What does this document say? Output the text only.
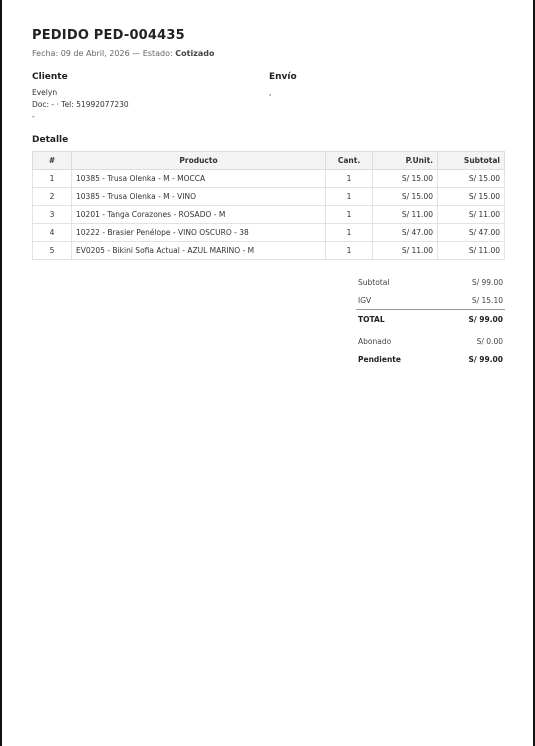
PEDIDO PED-004435
Fecha: 09 de Abril, 2026 — Estado: Cotizado
Cliente
Evelyn
Doc: - · Tel: 51992077230
-
Envío
,
Detalle
#	Producto	Cant.	P.Unit.	Subtotal
1	10385 - Trusa Olenka - M - MOCCA	1	S/ 15.00	S/ 15.00
2	10385 - Trusa Olenka - M - VINO	1	S/ 15.00	S/ 15.00
3	10201 - Tanga Corazones - ROSADO - M	1	S/ 11.00	S/ 11.00
4	10222 - Brasier Penélope - VINO OSCURO - 38	1	S/ 47.00	S/ 47.00
5	EV0205 - Bikini Sofia Actual - AZUL MARINO - M	1	S/ 11.00	S/ 11.00
Subtotal	S/ 99.00
IGV	S/ 15.10
TOTAL	S/ 99.00
Abonado	S/ 0.00
Pendiente	S/ 99.00
